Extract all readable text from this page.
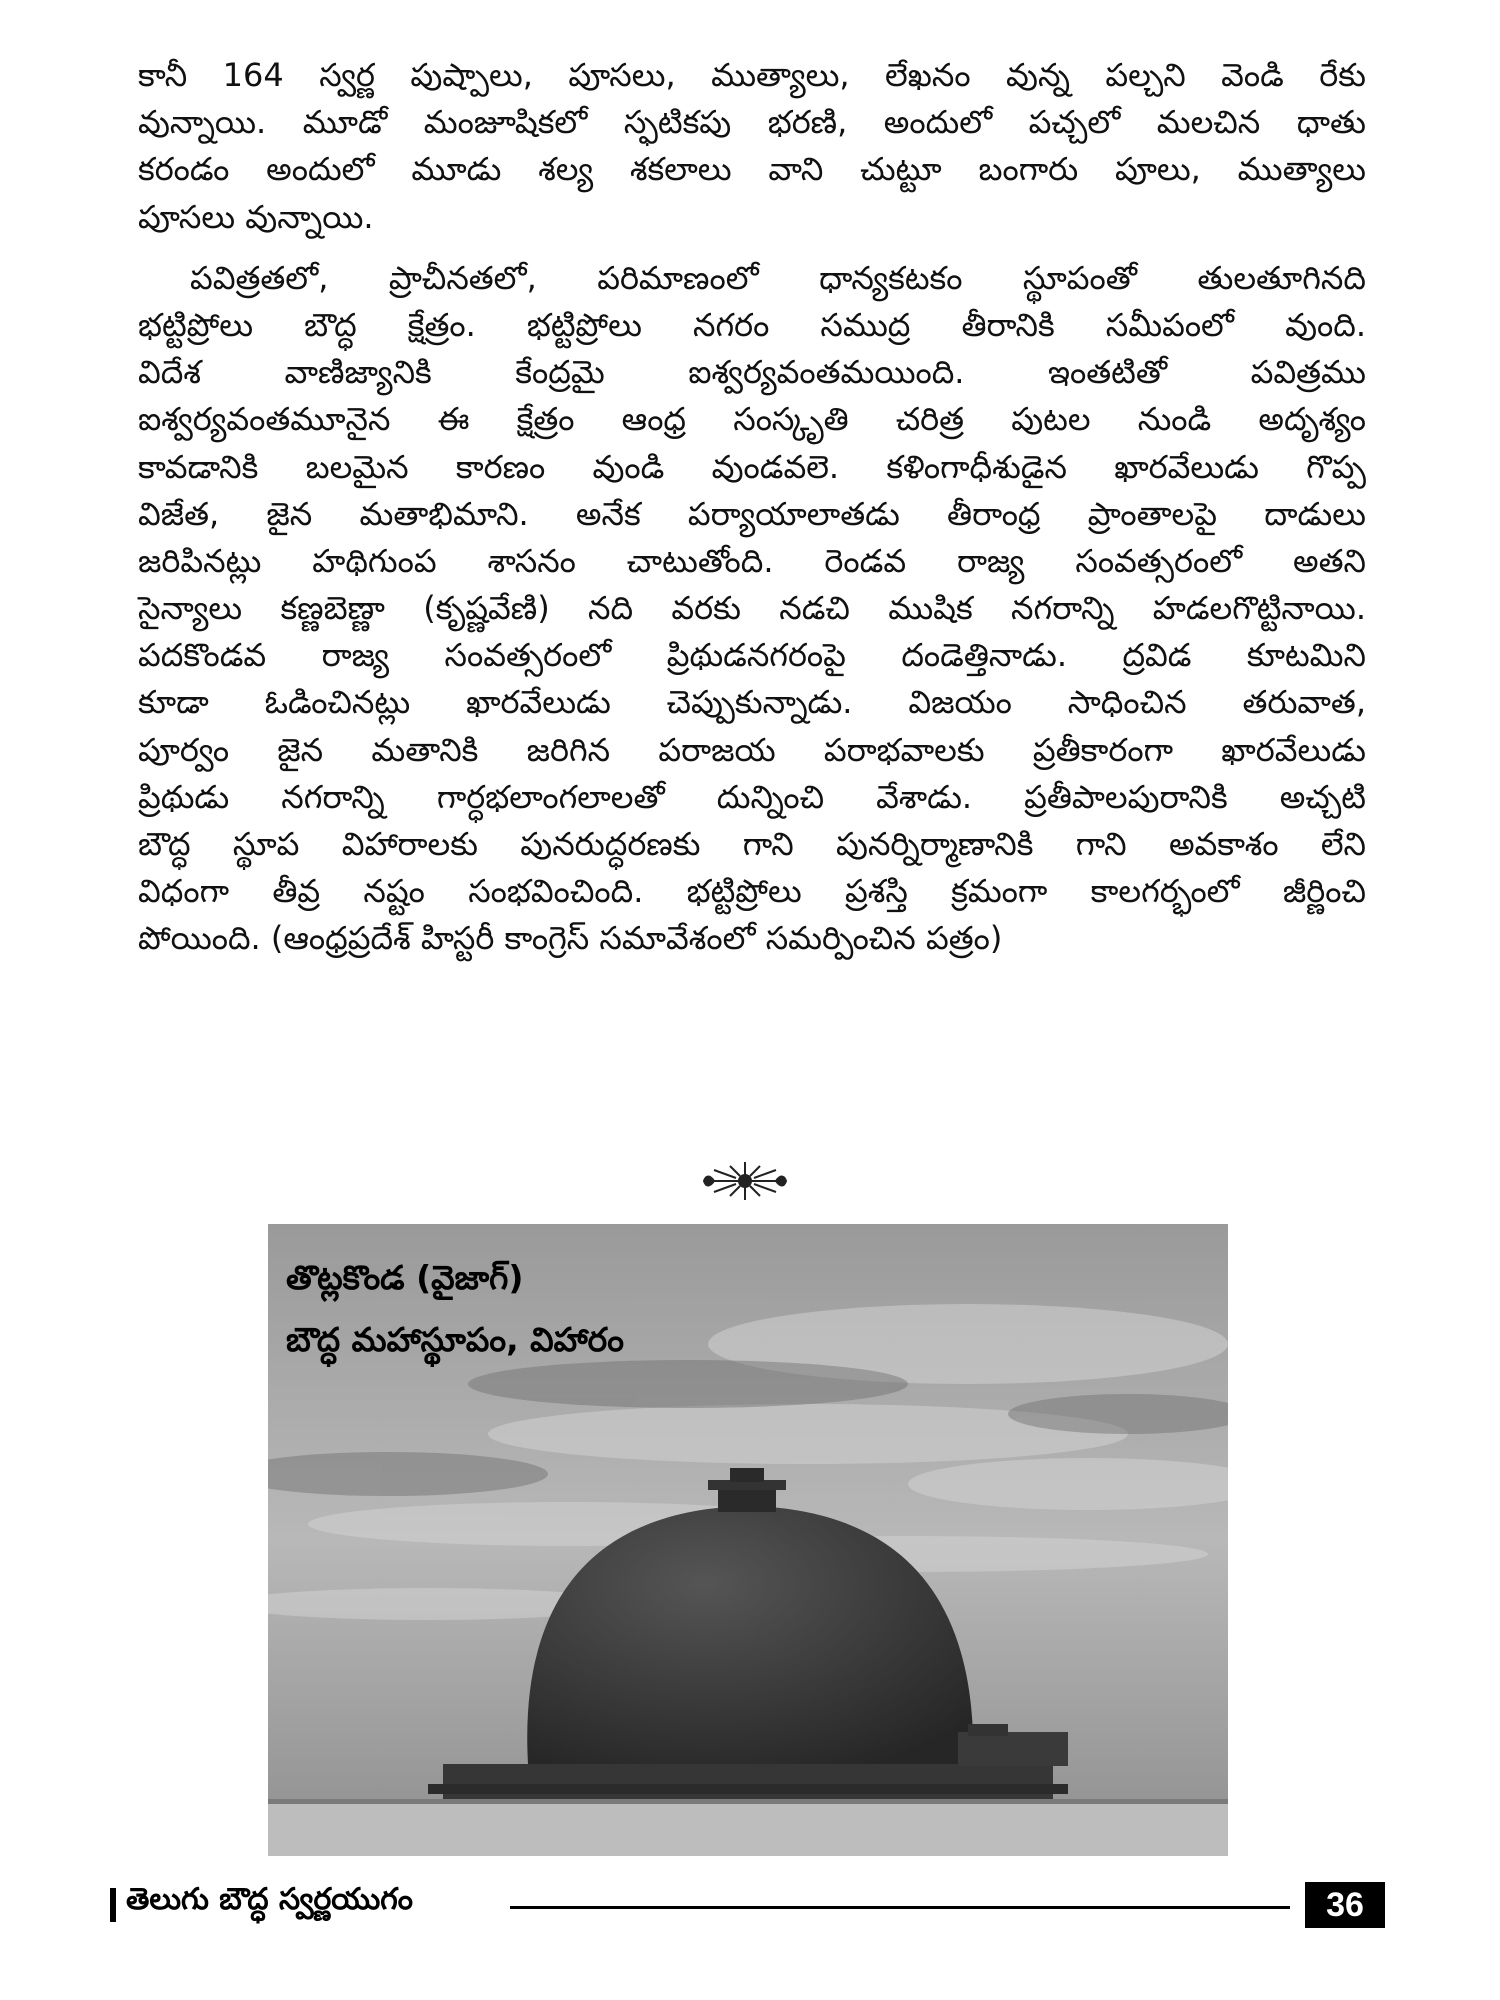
కానీ 164 స్వర్ణ పుష్పాలు, పూసలు, ముత్యాలు, లేఖనం వున్న పల్చని వెండి రేకు
వున్నాయి. మూడో మంజూషికలో స్ఫటికపు భరణి, అందులో పచ్చలో మలచిన ధాతు
కరండం అందులో మూడు శల్య శకలాలు వాని చుట్టూ బంగారు పూలు, ముత్యాలు
పూసలు వున్నాయి.
పవిత్రతలో, ప్రాచీనతలో, పరిమాణంలో ధాన్యకటకం స్థూపంతో తులతూగినది
భట్టిప్రోలు బౌద్ధ క్షేత్రం. భట్టిప్రోలు నగరం సముద్ర తీరానికి సమీపంలో వుంది.
విదేశ వాణిజ్యానికి కేంద్రమై ఐశ్వర్యవంతమయింది. ఇంతటితో పవిత్రము
ఐశ్వర్యవంతమూనైన ఈ క్షేత్రం ఆంధ్ర సంస్కృతి చరిత్ర పుటల నుండి అదృశ్యం
కావడానికి బలమైన కారణం వుండి వుండవలె. కళింగాధీశుడైన ఖారవేలుడు గొప్ప
విజేత, జైన మతాభిమాని. అనేక పర్యాయాలాతడు తీరాంధ్ర ప్రాంతాలపై దాడులు
జరిపినట్లు హథిగుంప శాసనం చాటుతోంది. రెండవ రాజ్య సంవత్సరంలో అతని
సైన్యాలు కణ్ణబెణ్ణా (కృష్ణవేణి) నది వరకు నడచి ముషిక నగరాన్ని హడలగొట్టినాయి.
పదకొండవ రాజ్య సంవత్సరంలో ప్రిథుడనగరంపై దండెత్తినాడు. ద్రవిడ కూటమిని
కూడా ఓడించినట్లు ఖారవేలుడు చెప్పుకున్నాడు. విజయం సాధించిన తరువాత,
పూర్వం జైన మతానికి జరిగిన పరాజయ పరాభవాలకు ప్రతీకారంగా ఖారవేలుడు
ప్రిథుడు నగరాన్ని గార్ధభలాంగలాలతో దున్నించి వేశాడు. ప్రతీపాలపురానికి అచ్చటి
బౌద్ధ స్థూప విహారాలకు పునరుద్ధరణకు గాని పునర్నిర్మాణానికి గాని అవకాశం లేని
విధంగా తీవ్ర నష్టం సంభవించింది. భట్టిప్రోలు ప్రశస్తి క్రమంగా కాలగర్భంలో జీర్ణించి
పోయింది. (ఆంధ్రప్రదేశ్ హిస్టరీ కాంగ్రెస్ సమావేశంలో సమర్పించిన పత్రం)
తొట్లకొండ (వైజాగ్)
బౌద్ధ మహాస్థూపం, విహారం
తెలుగు బౌద్ధ స్వర్ణయుగం	36
